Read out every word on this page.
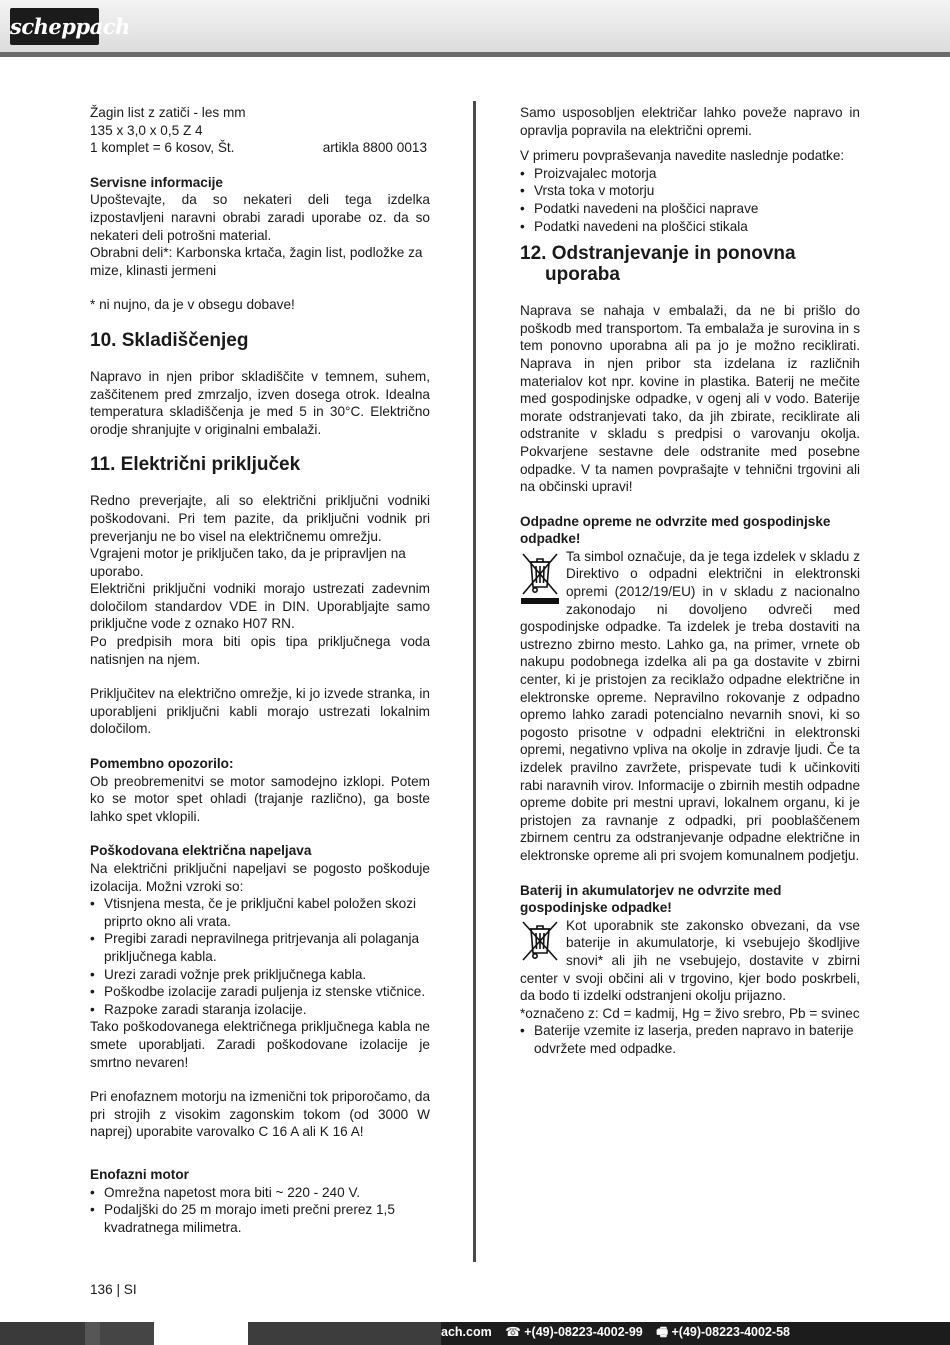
scheppach

Žagin list z zatiči - les mm

135 x 3,0 x 0,5 Z 4

1 komplet = 6 kosov, Št.	artikla 8800 0013

Servisne informacije

Upoštevajte, da so nekateri deli tega izdelka izpostavljeni naravni obrabi zaradi uporabe oz. da so nekateri deli potrošni material.

Obrabni deli*: Karbonska krtača, žagin list, podložke za mize, klinasti jermeni

* ni nujno, da je v obsegu dobave!

10. Skladiščenjeg

Napravo in njen pribor skladiščite v temnem, suhem, zaščitenem pred zmrzaljo, izven dosega otrok. Idealna temperatura skladiščenja je med 5 in 30°C. Električno orodje shranjujte v originalni embalaži.

11. Električni priključek

Redno preverjajte, ali so električni priključni vodniki poškodovani. Pri tem pazite, da priključni vodnik pri preverjanju ne bo visel na električnemu omrežju.

Vgrajeni motor je priključen tako, da je pripravljen na uporabo.

Električni priključni vodniki morajo ustrezati zadevnim določilom standardov VDE in DIN. Uporabljajte samo priključne vode z oznako H07 RN.

Po predpisih mora biti opis tipa priključnega voda natisnjen na njem.

Priključitev na električno omrežje, ki jo izvede stranka, in uporabljeni priključni kabli morajo ustrezati lokalnim določilom.

Pomembno opozorilo:

Ob preobremenitvi se motor samodejno izklopi. Potem ko se motor spet ohladi (trajanje različno), ga boste lahko spet vklopili.

Poškodovana električna napeljava

Na električni priključni napeljavi se pogosto poškoduje izolacija. Možni vzroki so:

• Vtisnjena mesta, če je priključni kabel položen skozi priprto okno ali vrata.
• Pregibi zaradi nepravilnega pritrjevanja ali polaganja priključnega kabla.
• Urezi zaradi vožnje prek priključnega kabla.
• Poškodbe izolacije zaradi puljenja iz stenske vtičnice.
• Razpoke zaradi staranja izolacije.

Tako poškodovanega električnega priključnega kabla ne smete uporabljati. Zaradi poškodovane izolacije je smrtno nevaren!

Pri enofaznem motorju na izmenični tok priporočamo, da pri strojih z visokim zagonskim tokom (od 3000 W naprej) uporabite varovalko C 16 A ali K 16 A!

Enofazni motor

• Omrežna napetost mora biti ~ 220 - 240 V.
• Podaljški do 25 m morajo imeti prečni prerez 1,5 kvadratnega milimetra.

Samo usposobljen električar lahko poveže napravo in opravlja popravila na električni opremi.

V primeru povpraševanja navedite naslednje podatke:

• Proizvajalec motorja
• Vrsta toka v motorju
• Podatki navedeni na ploščici naprave
• Podatki navedeni na ploščici stikala
12. Odstranjevanje in ponovna
uporaba

Naprava se nahaja v embalaži, da ne bi prišlo do poškodb med transportom. Ta embalaža je surovina in s tem ponovno uporabna ali pa jo je možno reciklirati. Naprava in njen pribor sta izdelana iz različnih materialov kot npr. kovine in plastika. Baterij ne mečite med gospodinjske odpadke, v ogenj ali v vodo. Baterije morate odstranjevati tako, da jih zbirate, reciklirate ali odstranite v skladu s predpisi o varovanju okolja. Pokvarjene sestavne dele odstranite med posebne odpadke. V ta namen povprašajte v tehnični trgovini ali na občinski upravi!

Odpadne opreme ne odvrzite med gospodinjske odpadke!

Ta simbol označuje, da je tega izdelek v skladu z Direktivo o odpadni električni in elektronski opremi (2012/19/EU) in v skladu z nacionalno zakonodajo ni dovoljeno odvreči med gospodinjske odpadke. Ta izdelek je treba dostaviti na ustrezno zbirno mesto. Lahko ga, na primer, vrnete ob nakupu podobnega izdelka ali pa ga dostavite v zbirni center, ki je pristojen za reciklažo odpadne električne in elektronske opreme. Nepravilno rokovanje z odpadno opremo lahko zaradi potencialno nevarnih snovi, ki so pogosto prisotne v odpadni električni in elektronski opremi, negativno vpliva na okolje in zdravje ljudi. Če ta izdelek pravilno zavržete, prispevate tudi k učinkoviti rabi naravnih virov. Informacije o zbirnih mestih odpadne opreme dobite pri mestni upravi, lokalnem organu, ki je pristojen za ravnanje z odpadki, pri pooblaščenem zbirnem centru za odstranjevanje odpadne električne in elektronske opreme ali pri svojem komunalnem podjetju.

Baterij in akumulatorjev ne odvrzite med gospodinjske odpadke!

Kot uporabnik ste zakonsko obvezani, da vse baterije in akumulatorje, ki vsebujejo škodljive snovi* ali jih ne vsebujejo, dostavite v zbirni center v svoji občini ali v trgovino, kjer bodo poskrbeli, da bodo ti izdelki odstranjeni okolju prijazno.

*označeno z: Cd = kadmij, Hg = živo srebro, Pb = svinec

• Baterije vzemite iz laserja, preden napravo in baterije odvržete med odpadke.
136 | SI
ach.com ☎ +(49)-08223-4002-99 🖷 +(49)-08223-4002-58
